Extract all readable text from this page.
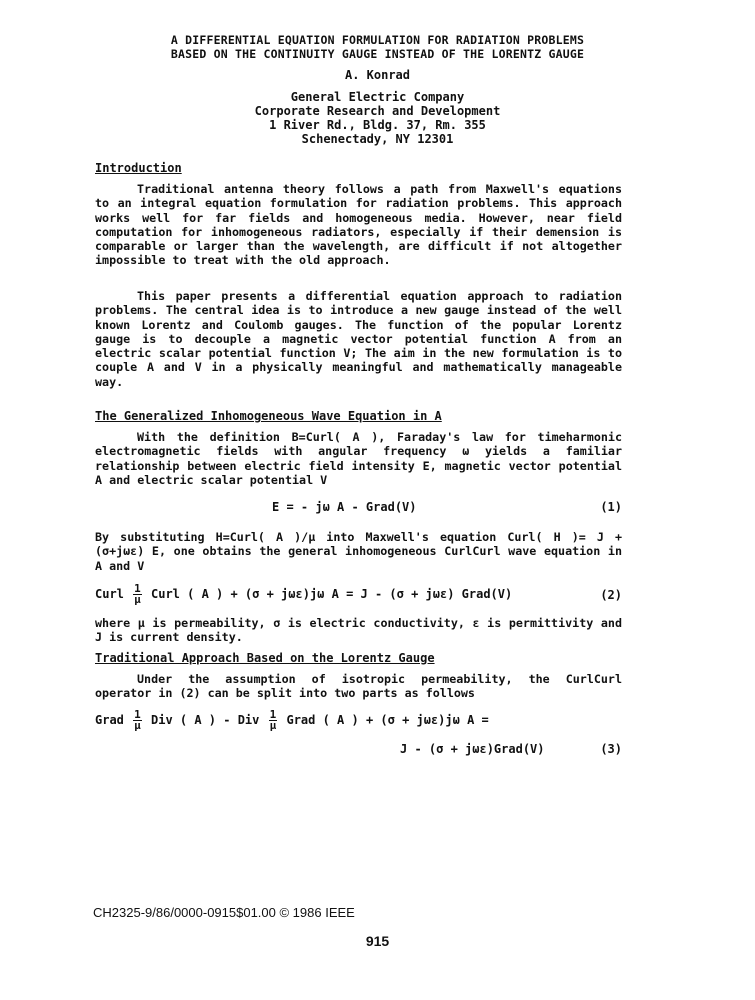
A DIFFERENTIAL EQUATION FORMULATION FOR RADIATION PROBLEMS
BASED ON THE CONTINUITY GAUGE INSTEAD OF THE LORENTZ GAUGE
A. Konrad
General Electric Company
Corporate Research and Development
1 River Rd., Bldg. 37, Rm. 355
Schenectady, NY 12301
Introduction
Traditional antenna theory follows a path from Maxwell's equations to an integral equation formulation for radiation problems. This approach works well for far fields and homogeneous media. However, near field computation for inhomogeneous radiators, especially if their demension is comparable or larger than the wavelength, are difficult if not altogether impossible to treat with the old approach.
This paper presents a differential equation approach to radiation problems. The central idea is to introduce a new gauge instead of the well known Lorentz and Coulomb gauges. The function of the popular Lorentz gauge is to decouple a magnetic vector potential function A from an electric scalar potential function V; The aim in the new formulation is to couple A and V in a physically meaningful and mathematically manageable way.
The Generalized Inhomogeneous Wave Equation in A
With the definition B=Curl( A ), Faraday's law for timeharmonic electromagnetic fields with angular frequency ω yields a familiar relationship between electric field intensity E, magnetic vector potential A and electric scalar potential V
E = - jω A - Grad(V)	(1)
By substituting H=Curl( A )/μ into Maxwell's equation Curl( H )= J + (σ+jωε) E, one obtains the general inhomogeneous CurlCurl wave equation in A and V
Curl $\frac{1}{\mu}$ Curl ( A ) + (σ + jωε)jω A = J - (σ + jωε) Grad(V)	(2)
where μ is permeability, σ is electric conductivity, ε is permittivity and J is current density.
Traditional Approach Based on the Lorentz Gauge
Under the assumption of isotropic permeability, the CurlCurl operator in (2) can be split into two parts as follows
Grad $\frac{1}{\mu}$ Div ( A ) - Div $\frac{1}{\mu}$ Grad ( A ) + (σ + jωε)jω A =
J - (σ + jωε)Grad(V)	(3)
CH2325-9/86/0000-0915$01.00 © 1986 IEEE
915
